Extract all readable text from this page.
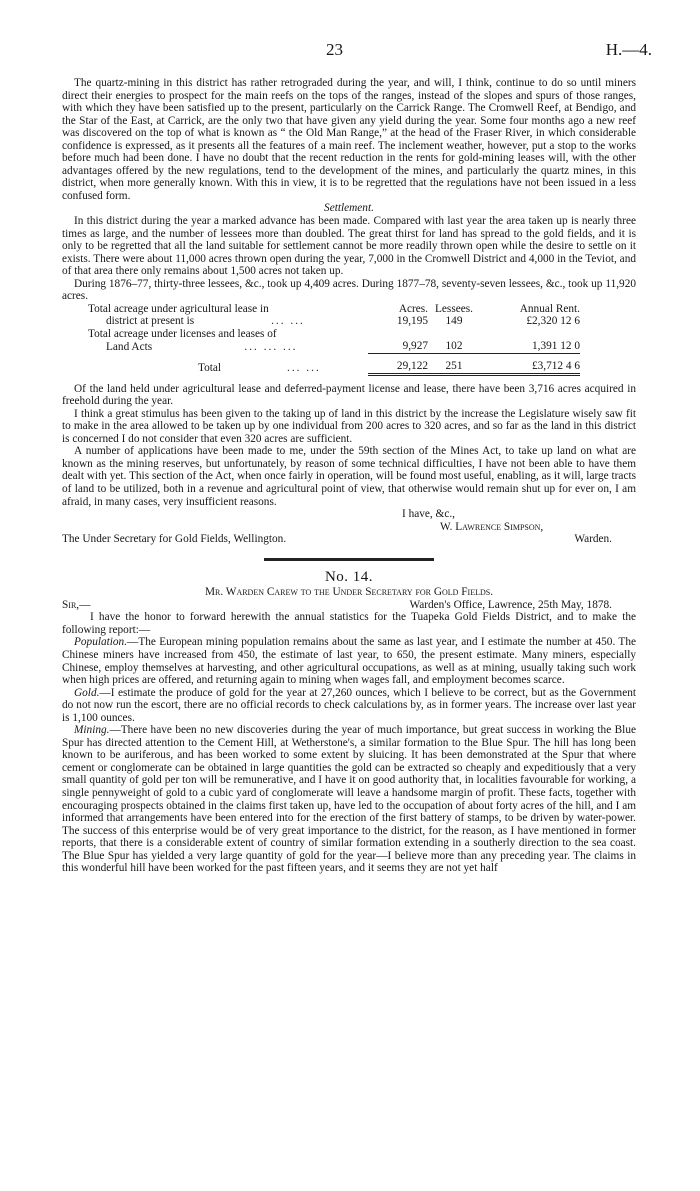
23	H.—4.

The quartz-mining in this district has rather retrograded during the year, and will, I think, continue to do so until miners direct their energies to prospect for the main reefs on the tops of the ranges, instead of the slopes and spurs of those ranges, with which they have been satisfied up to the present, particularly on the Carrick Range. The Cromwell Reef, at Bendigo, and the Star of the East, at Carrick, are the only two that have given any yield during the year. Some four months ago a new reef was discovered on the top of what is known as “ the Old Man Range,” at the head of the Fraser River, in which considerable confidence is expressed, as it presents all the features of a main reef. The inclement weather, however, put a stop to the works before much had been done. I have no doubt that the recent reduction in the rents for gold-mining leases will, with the other advantages offered by the new regulations, tend to the development of the mines, and particularly the quartz mines, in this district, when more generally known. With this in view, it is to be regretted that the regulations have not been issued in a less confused form.

Settlement.

In this district during the year a marked advance has been made. Compared with last year the area taken up is nearly three times as large, and the number of lessees more than doubled. The great thirst for land has spread to the gold fields, and it is only to be regretted that all the land suitable for settlement cannot be more readily thrown open while the desire to settle on it exists. There were about 11,000 acres thrown open during the year, 7,000 in the Cromwell District and 4,000 in the Teviot, and of that area there only remains about 1,500 acres not taken up.

During 1876–77, thirty-three lessees, &c., took up 4,409 acres. During 1877–78, seventy-seven lessees, &c., took up 11,920 acres.

Total acreage under agricultural lease in	Acres.	Lessees.	Annual Rent.
district at present is ... ...	19,195	149	£2,320 12 6
Total acreage under licenses and leases of			
Land Acts ... ... ...	9,927	102	1,391 12 0
Total ... ...	29,122	251	£3,712 4 6

Of the land held under agricultural lease and deferred-payment license and lease, there have been 3,716 acres acquired in freehold during the year.

I think a great stimulus has been given to the taking up of land in this district by the increase the Legislature wisely saw fit to make in the area allowed to be taken up by one individual from 200 acres to 320 acres, and so far as the land in this district is concerned I do not consider that even 320 acres are sufficient.

A number of applications have been made to me, under the 59th section of the Mines Act, to take up land on what are known as the mining reserves, but unfortunately, by reason of some technical difficulties, I have not been able to have them dealt with yet. This section of the Act, when once fairly in operation, will be found most useful, enabling, as it will, large tracts of land to be utilized, both in a revenue and agricultural point of view, that otherwise would remain shut up for ever on, I am afraid, in many cases, very insufficient reasons.

I have, &c.,

W. Lawrence Simpson,

The Under Secretary for Gold Fields, Wellington.	Warden.

No. 14.

Mr. Warden Carew to the Under Secretary for Gold Fields.

Sir,—	Warden's Office, Lawrence, 25th May, 1878.

I have the honor to forward herewith the annual statistics for the Tuapeka Gold Fields District, and to make the following report:—

Population.—The European mining population remains about the same as last year, and I estimate the number at 450. The Chinese miners have increased from 450, the estimate of last year, to 650, the present estimate. Many miners, especially Chinese, employ themselves at harvesting, and other agricultural occupations, as well as at mining, usually taking such work when high prices are offered, and returning again to mining when wages fall, and employment becomes scarce.

Gold.—I estimate the produce of gold for the year at 27,260 ounces, which I believe to be correct, but as the Government do not now run the escort, there are no official records to check calculations by, as in former years. The increase over last year is 1,100 ounces.

Mining.—There have been no new discoveries during the year of much importance, but great success in working the Blue Spur has directed attention to the Cement Hill, at Wetherstone's, a similar formation to the Blue Spur. The hill has long been known to be auriferous, and has been worked to some extent by sluicing. It has been demonstrated at the Spur that where cement or conglomerate can be obtained in large quantities the gold can be extracted so cheaply and expeditiously that a very small quantity of gold per ton will be remunerative, and I have it on good authority that, in localities favourable for working, a single pennyweight of gold to a cubic yard of conglomerate will leave a handsome margin of profit. These facts, together with encouraging prospects obtained in the claims first taken up, have led to the occupation of about forty acres of the hill, and I am informed that arrangements have been entered into for the erection of the first battery of stamps, to be driven by water-power. The success of this enterprise would be of very great importance to the district, for the reason, as I have mentioned in former reports, that there is a considerable extent of country of similar formation extending in a southerly direction to the sea coast. The Blue Spur has yielded a very large quantity of gold for the year—I believe more than any preceding year. The claims in this wonderful hill have been worked for the past fifteen years, and it seems they are not yet half
